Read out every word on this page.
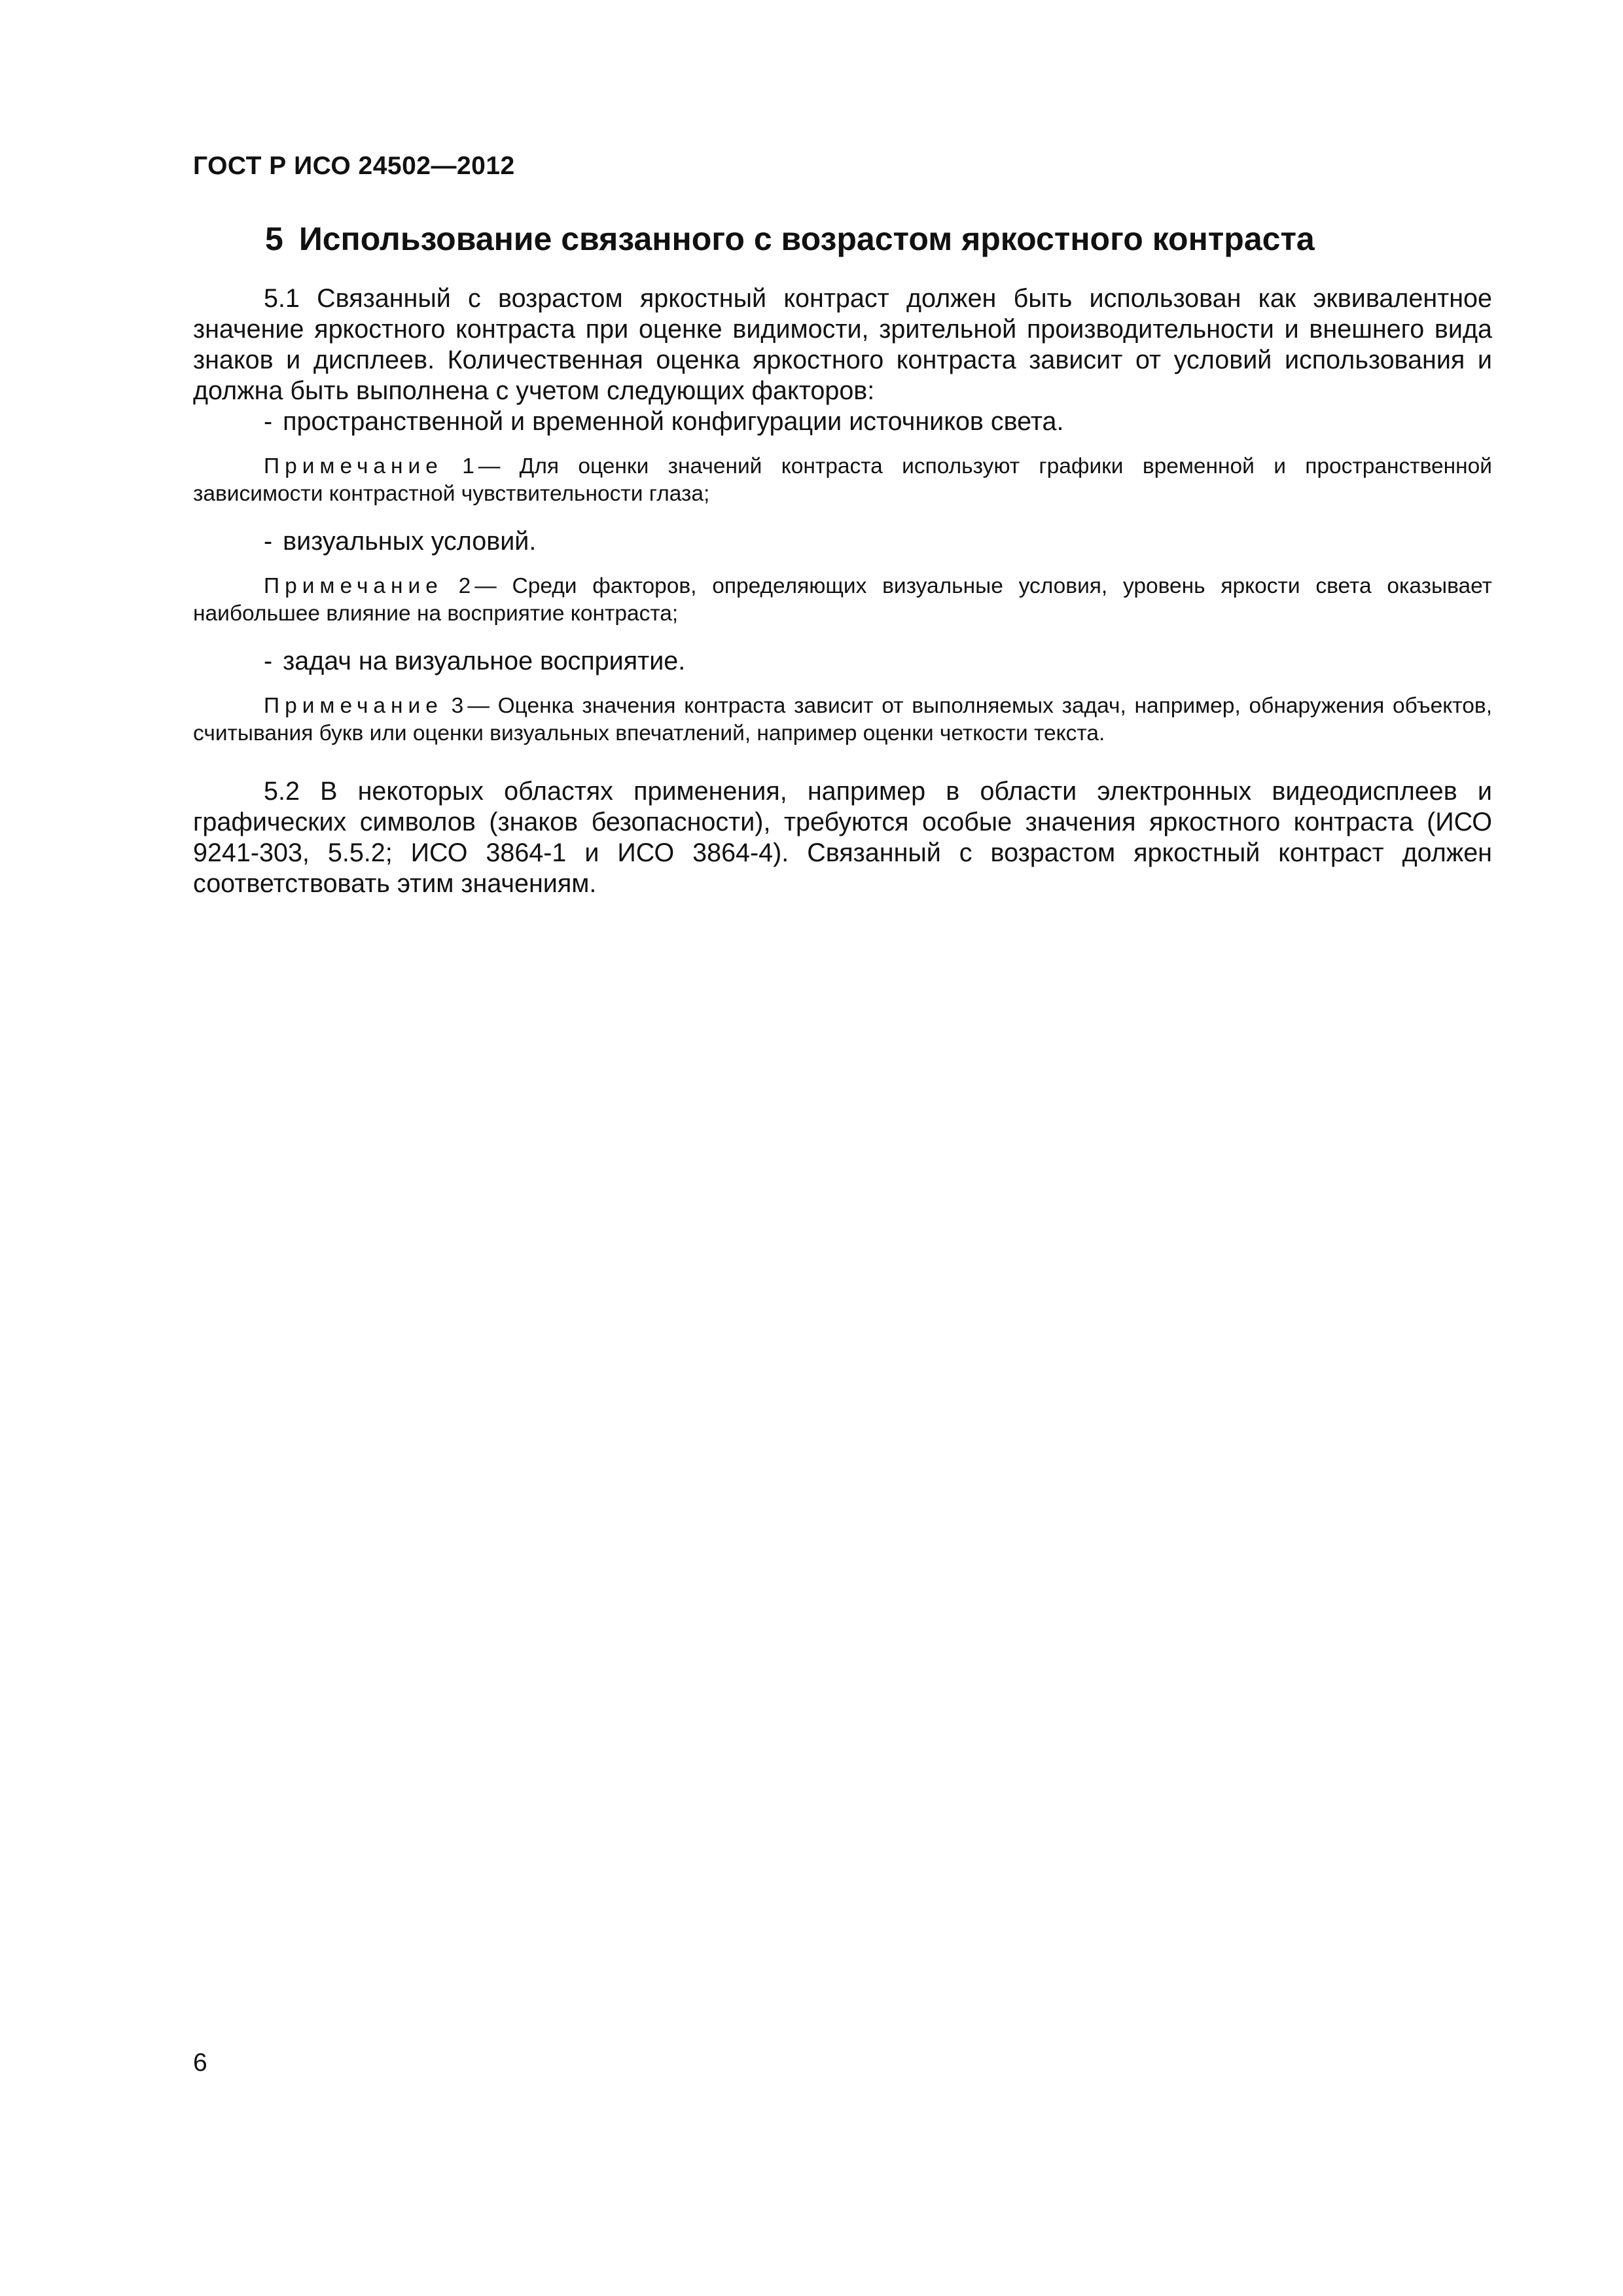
ГОСТ Р ИСО 24502—2012

5 Использование связанного с возрастом яркостного контраста

5.1 Связанный с возрастом яркостный контраст должен быть использован как эквивалентное значение яркостного контраста при оценке видимости, зрительной производительности и внешнего вида знаков и дисплеев. Количественная оценка яркостного контраста зависит от условий использования и должна быть выполнена с учетом следующих факторов:

- пространственной и временной конфигурации источников света.

Примечание 1 — Для оценки значений контраста используют графики временной и пространственной зависимости контрастной чувствительности глаза;

- визуальных условий.

Примечание 2 — Среди факторов, определяющих визуальные условия, уровень яркости света оказывает наибольшее влияние на восприятие контраста;

- задач на визуальное восприятие.

Примечание 3 — Оценка значения контраста зависит от выполняемых задач, например, обнаружения объектов, считывания букв или оценки визуальных впечатлений, например оценки четкости текста.

5.2 В некоторых областях применения, например в области электронных видеодисплеев и графических символов (знаков безопасности), требуются особые значения яркостного контраста (ИСО 9241-303, 5.5.2; ИСО 3864-1 и ИСО 3864-4). Связанный с возрастом яркостный контраст должен соответствовать этим значениям.

6
